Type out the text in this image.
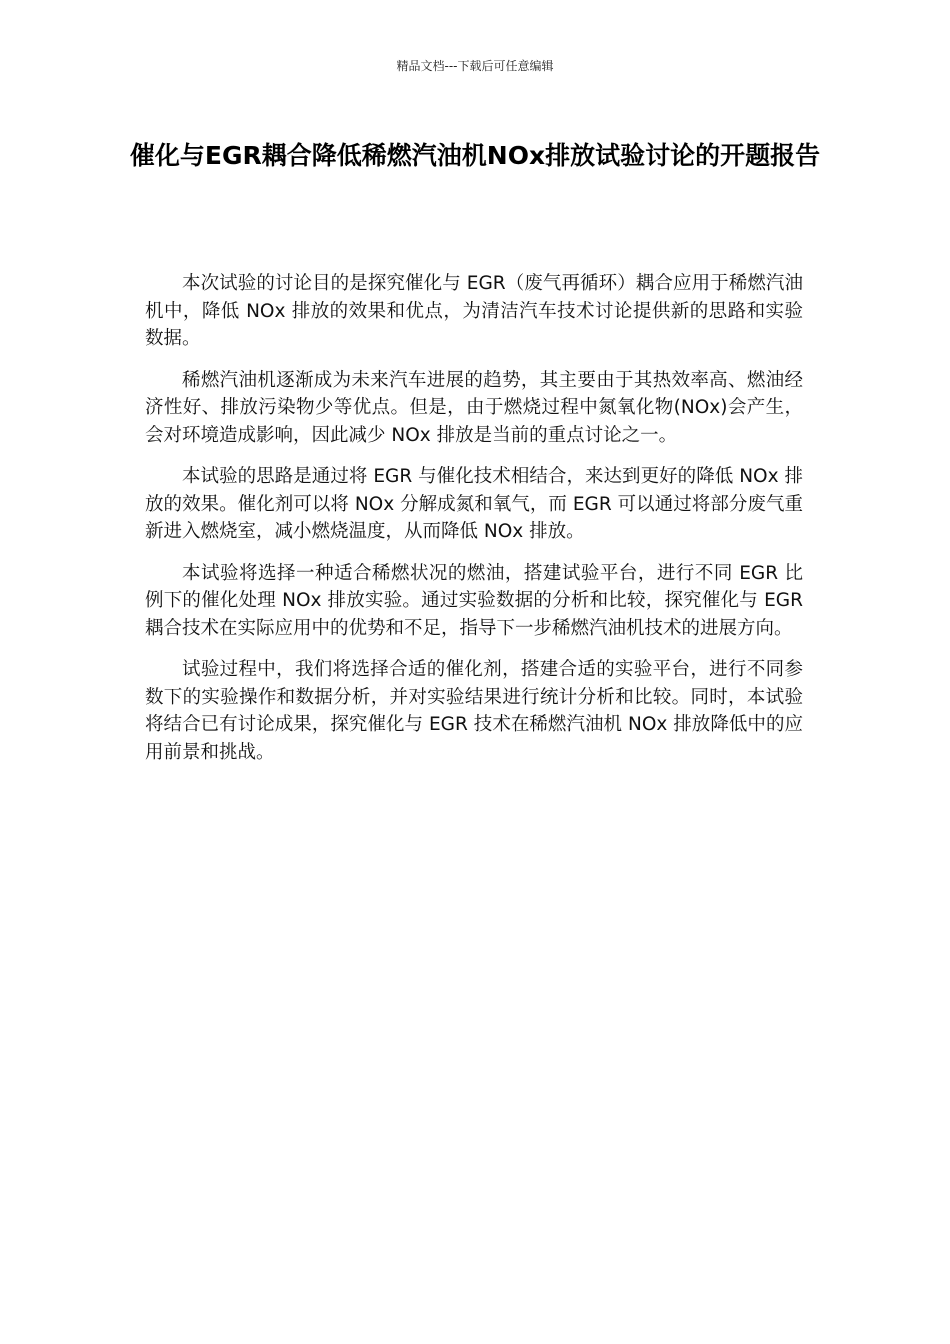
精品文档---下载后可任意编辑
催化与EGR耦合降低稀燃汽油机NOx排放试验讨论的开题报告

本次试验的讨论目的是探究催化与 EGR（废气再循环）耦合应用于稀燃汽油机中，降低 NOx 排放的效果和优点，为清洁汽车技术讨论提供新的思路和实验数据。

稀燃汽油机逐渐成为未来汽车进展的趋势，其主要由于其热效率高、燃油经济性好、排放污染物少等优点。但是，由于燃烧过程中氮氧化物(NOx)会产生，会对环境造成影响，因此减少 NOx 排放是当前的重点讨论之一。

本试验的思路是通过将 EGR 与催化技术相结合，来达到更好的降低 NOx 排放的效果。催化剂可以将 NOx 分解成氮和氧气，而 EGR 可以通过将部分废气重新进入燃烧室，减小燃烧温度，从而降低 NOx 排放。

本试验将选择一种适合稀燃状况的燃油，搭建试验平台，进行不同 EGR 比例下的催化处理 NOx 排放实验。通过实验数据的分析和比较，探究催化与 EGR 耦合技术在实际应用中的优势和不足，指导下一步稀燃汽油机技术的进展方向。

试验过程中，我们将选择合适的催化剂，搭建合适的实验平台，进行不同参数下的实验操作和数据分析，并对实验结果进行统计分析和比较。同时，本试验将结合已有讨论成果，探究催化与 EGR 技术在稀燃汽油机 NOx 排放降低中的应用前景和挑战。
